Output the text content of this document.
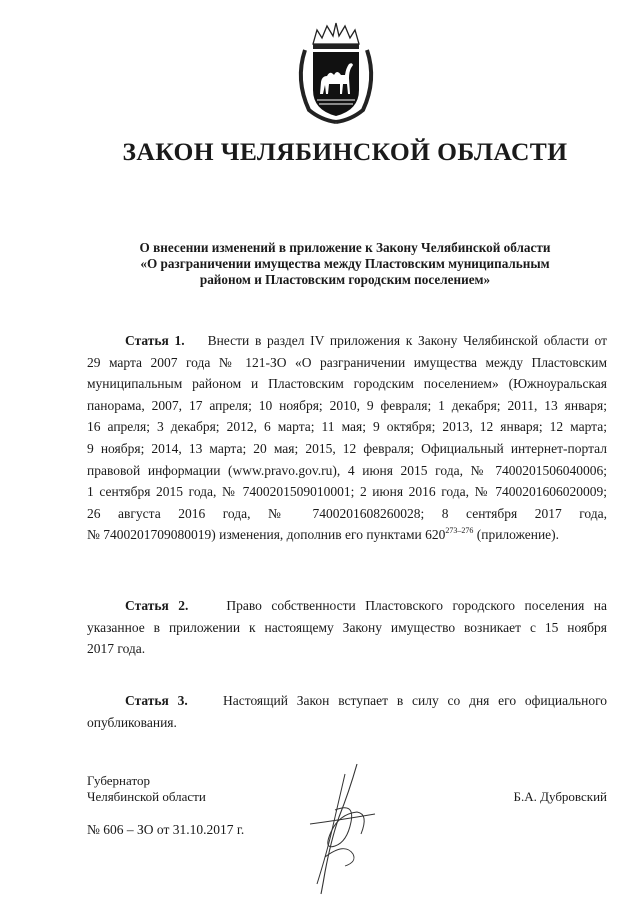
ЗАКОН ЧЕЛЯБИНСКОЙ ОБЛАСТИ
О внесении изменений в приложение к Закону Челябинской области
«О разграничении имущества между Пластовским муниципальным
районом и Пластовским городским поселением»
Статья 1. Внести в раздел IV приложения к Закону Челябинской области от
29 марта 2007 года № 121-ЗО «О разграничении имущества между Пластовским
муниципальным районом и Пластовским городским поселением» (Южноуральская
панорама, 2007, 17 апреля; 10 ноября; 2010, 9 февраля; 1 декабря; 2011, 13 января;
16 апреля; 3 декабря; 2012, 6 марта; 11 мая; 9 октября; 2013, 12 января; 12 марта;
9 ноября; 2014, 13 марта; 20 мая; 2015, 12 февраля; Официальный интернет-портал
правовой информации (www.pravo.gov.ru), 4 июня 2015 года, № 7400201506040006;
1 сентября 2015 года, № 7400201509010001; 2 июня 2016 года, № 7400201606020009;
26 августа 2016 года, № 7400201608260028; 8 сентября 2017 года,
№ 7400201709080019) изменения, дополнив его пунктами 620$^{273-276}$ (приложение).
Статья 2.	Право собственности Пластовского городского поселения на
указанное в приложении к настоящему Закону имущество возникает с 15 ноября
2017 года.
Статья 3.	Настоящий Закон вступает в силу со дня его официального
опубликования.
Губернатор
Челябинской области	Б.А. Дубровский
№ 606 – ЗО от 31.10.2017 г.
